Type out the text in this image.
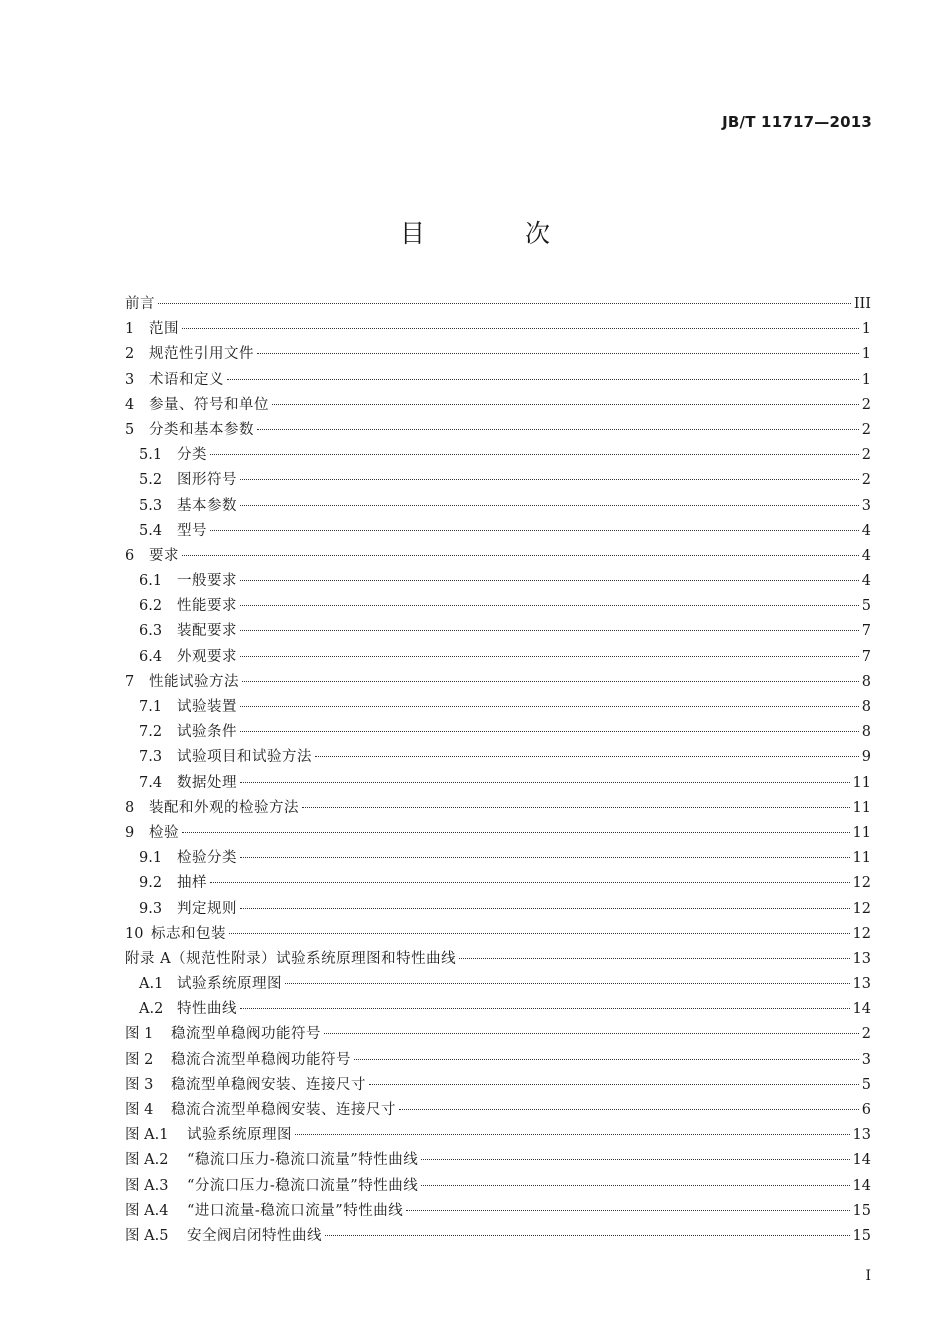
JB/T 11717—2013
目 次
前言	III
1	范围	1
2	规范性引用文件	1
3	术语和定义	1
4	参量、符号和单位	2
5	分类和基本参数	2
5.1	分类	2
5.2	图形符号	2
5.3	基本参数	3
5.4	型号	4
6	要求	4
6.1	一般要求	4
6.2	性能要求	5
6.3	装配要求	7
6.4	外观要求	7
7	性能试验方法	8
7.1	试验装置	8
7.2	试验条件	8
7.3	试验项目和试验方法	9
7.4	数据处理	11
8	装配和外观的检验方法	11
9	检验	11
9.1	检验分类	11
9.2	抽样	12
9.3	判定规则	12
10 标志和包装	12
附录 A（规范性附录）试验系统原理图和特性曲线	13
A.1 试验系统原理图	13
A.2 特性曲线	14
图 1	稳流型单稳阀功能符号	2
图 2	稳流合流型单稳阀功能符号	3
图 3	稳流型单稳阀安装、连接尺寸	5
图 4	稳流合流型单稳阀安装、连接尺寸	6
图 A.1	试验系统原理图	13
图 A.2	“稳流口压力-稳流口流量”特性曲线	14
图 A.3	“分流口压力-稳流口流量”特性曲线	14
图 A.4	“进口流量-稳流口流量”特性曲线	15
图 A.5	安全阀启闭特性曲线	15
I
